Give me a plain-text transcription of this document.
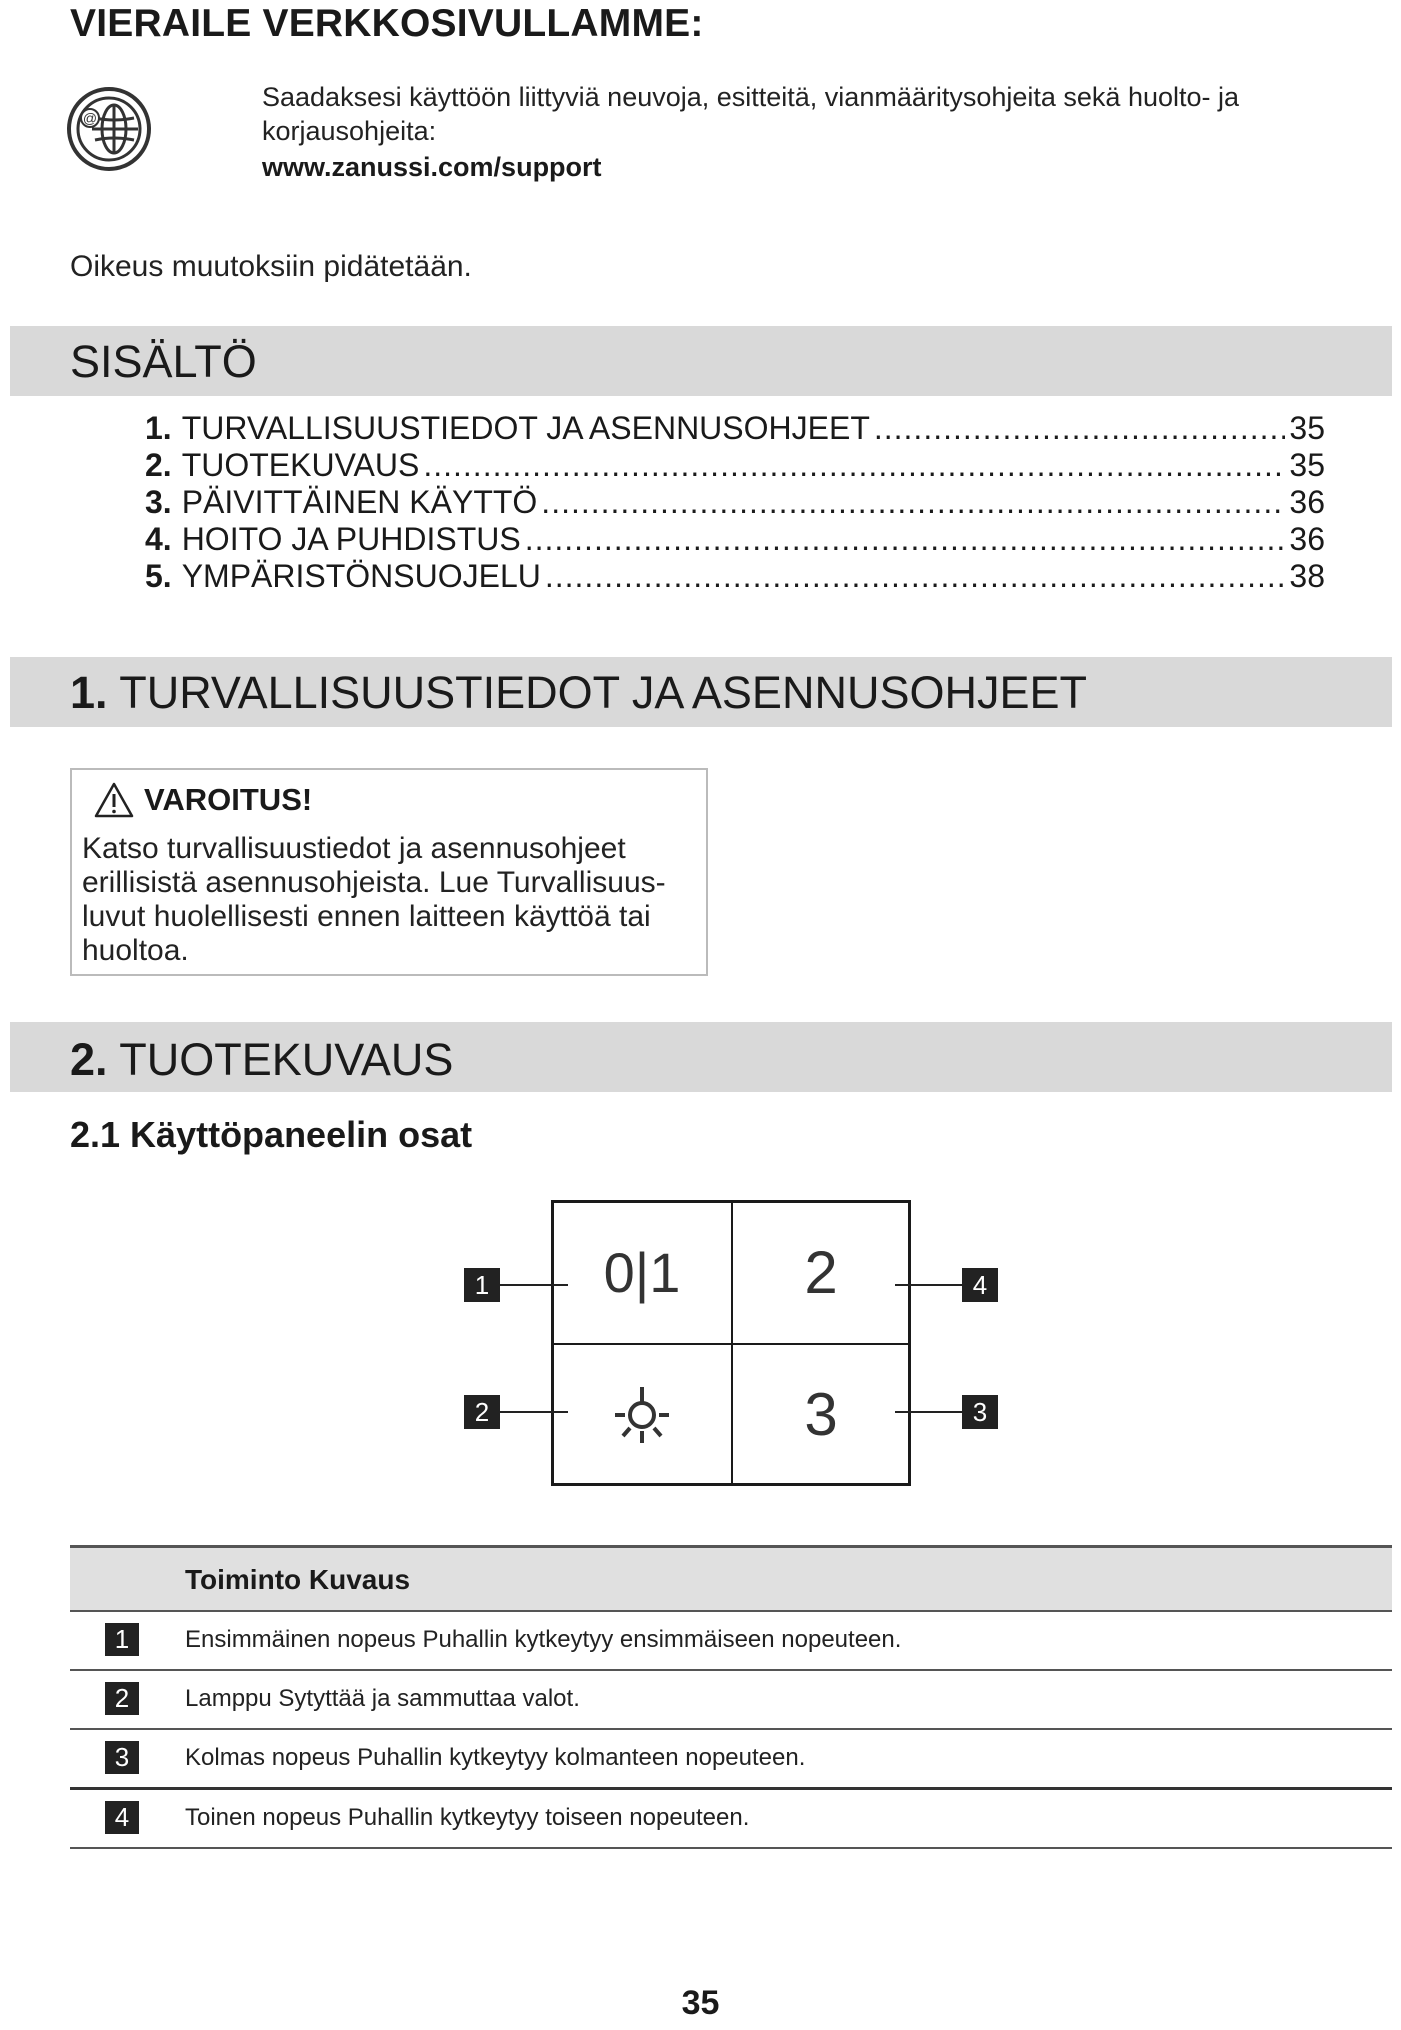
VIERAILE VERKKOSIVULLAMME:
@
Saadaksesi käyttöön liittyviä neuvoja, esitteitä, vianmääritysohjeita sekä huolto- ja korjausohjeita:
www.zanussi.com/support
Oikeus muutoksiin pidätetään.
SISÄLTÖ
1. TURVALLISUUSTIEDOT JA ASENNUSOHJEET .....	35
2. TUOTEKUVAUS .....	35
3. PÄIVITTÄINEN KÄYTTÖ .....	36
4. HOITO JA PUHDISTUS .....	36
5. YMPÄRISTÖNSUOJELU .....	38
1. TURVALLISUUSTIEDOT JA ASENNUSOHJEET
VAROITUS!
Katso turvallisuustiedot ja asennusohjeet erillisistä asennusohjeista. Lue Turvallisuus-luvut huolellisesti ennen laitteen käyttöä tai huoltoa.
2. TUOTEKUVAUS
2.1 Käyttöpaneelin osat
0|1 2
3
1
2
4
3
Toiminto Kuvaus
1	Ensimmäinen nopeus Puhallin kytkeytyy ensimmäiseen nopeuteen.
2	Lamppu Sytyttää ja sammuttaa valot.
3	Kolmas nopeus Puhallin kytkeytyy kolmanteen nopeuteen.
4	Toinen nopeus Puhallin kytkeytyy toiseen nopeuteen.
35
